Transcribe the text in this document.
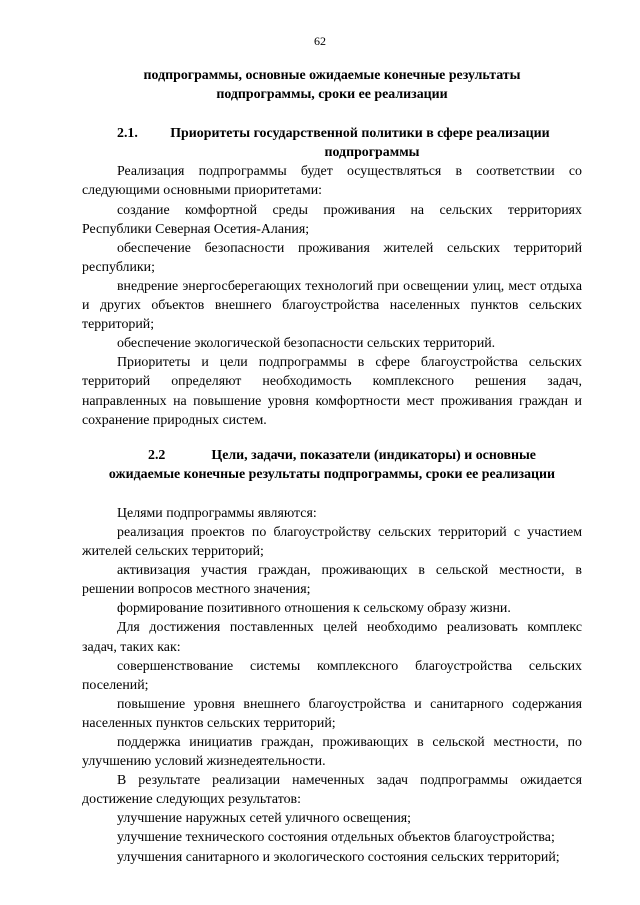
62
подпрограммы, основные ожидаемые конечные результаты
подпрограммы, сроки ее реализации
2.1.	Приоритеты государственной политики в сфере реализации
подпрограммы

Реализация подпрограммы будет осуществляться в соответствии со следующими основными приоритетами:

создание комфортной среды проживания на сельских территориях Республики Северная Осетия-Алания;

обеспечение безопасности проживания жителей сельских территорий республики;

внедрение энергосберегающих технологий при освещении улиц, мест отдыха и других объектов внешнего благоустройства населенных пунктов сельских территорий;

обеспечение экологической безопасности сельских территорий.

Приоритеты и цели подпрограммы в сфере благоустройства сельских территорий определяют необходимость комплексного решения задач, направленных на повышение уровня комфортности мест проживания граждан и сохранение природных систем.

2.2	Цели, задачи, показатели (индикаторы) и основные
ожидаемые конечные результаты подпрограммы, сроки ее реализации

Целями подпрограммы являются:

реализация проектов по благоустройству сельских территорий с участием жителей сельских территорий;

активизация участия граждан, проживающих в сельской местности, в решении вопросов местного значения;

формирование позитивного отношения к сельскому образу жизни.

Для достижения поставленных целей необходимо реализовать комплекс задач, таких как:

совершенствование системы комплексного благоустройства сельских поселений;

повышение уровня внешнего благоустройства и санитарного содержания населенных пунктов сельских территорий;

поддержка инициатив граждан, проживающих в сельской местности, по улучшению условий жизнедеятельности.

В результате реализации намеченных задач подпрограммы ожидается достижение следующих результатов:

улучшение наружных сетей уличного освещения;

улучшение технического состояния отдельных объектов благоустройства;

улучшения санитарного и экологического состояния сельских территорий;
